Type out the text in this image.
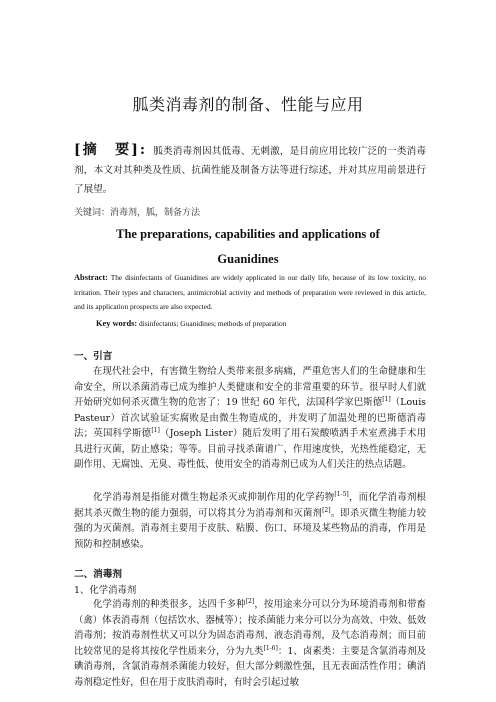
胍类消毒剂的制备、性能与应用
[摘　要]: 胍类消毒剂因其低毒、无刺激，是目前应用比较广泛的一类消毒剂，本文对其种类及性质、抗菌性能及制备方法等进行综述，并对其应用前景进行了展望。
关键词：消毒剂，胍，制备方法
The preparations, capabilities and applications of
Guanidines
Abstract: The disinfectants of Guanidines are widely applicated in our daily life, because of its low toxicity, no irritation. Their types and characters, antimicrobial activity and methods of preparation were reviewed in this article, and its application prospects are also expected.
Key words: disinfectants; Guanidines; methods of preparation
一、引言
在现代社会中，有害微生物给人类带来很多病痛，严重危害人们的生命健康和生命安全，所以杀菌消毒已成为维护人类健康和安全的非常重要的环节。很早时人们就开始研究如何杀灭微生物的危害了：19 世纪 60 年代，法国科学家巴斯德[1]（Louis　Pasteur）首次试验证实腐败是由微生物造成的，并发明了加温处理的巴斯德消毒法；英国科学斯德[1]（Joseph Lister）随后发明了用石炭酸喷洒手术室煮沸手术用具进行灭菌，防止感染；等等。目前寻找杀菌谱广、作用速度快，光热性能稳定，无副作用、无腐蚀、无臭、毒性低、使用安全的消毒剂已成为人们关注的热点话题。
化学消毒剂是指能对微生物起杀灭或抑制作用的化学药物[1-5]，而化学消毒剂根据其杀灭微生物的能力强弱，可以将其分为消毒剂和灭菌剂[2]。即杀灭微生物能力较强的为灭菌剂。消毒剂主要用于皮肤、粘膜、伤口、环境及某些物品的消毒，作用是预防和控制感染。
二、消毒剂
1、化学消毒剂
化学消毒剂的种类很多，达四千多种[2]，按用途来分可以分为环境消毒剂和带畜（禽）体表消毒剂（包括饮水、器械等）；按杀菌能力来分可以分为高效、中效、低效消毒剂；按消毒剂性状又可以分为固态消毒剂、液态消毒剂，及气态消毒剂；而目前比较常见的是将其按化学性质来分，分为九类[1-6]：1、卤素类：主要是含氯消毒剂及碘消毒剂，含氯消毒剂杀菌能力较好，但大部分刺激性强，且无表面活性作用；碘消毒剂稳定性好，但在用于皮肤消毒时，有时会引起过敏
